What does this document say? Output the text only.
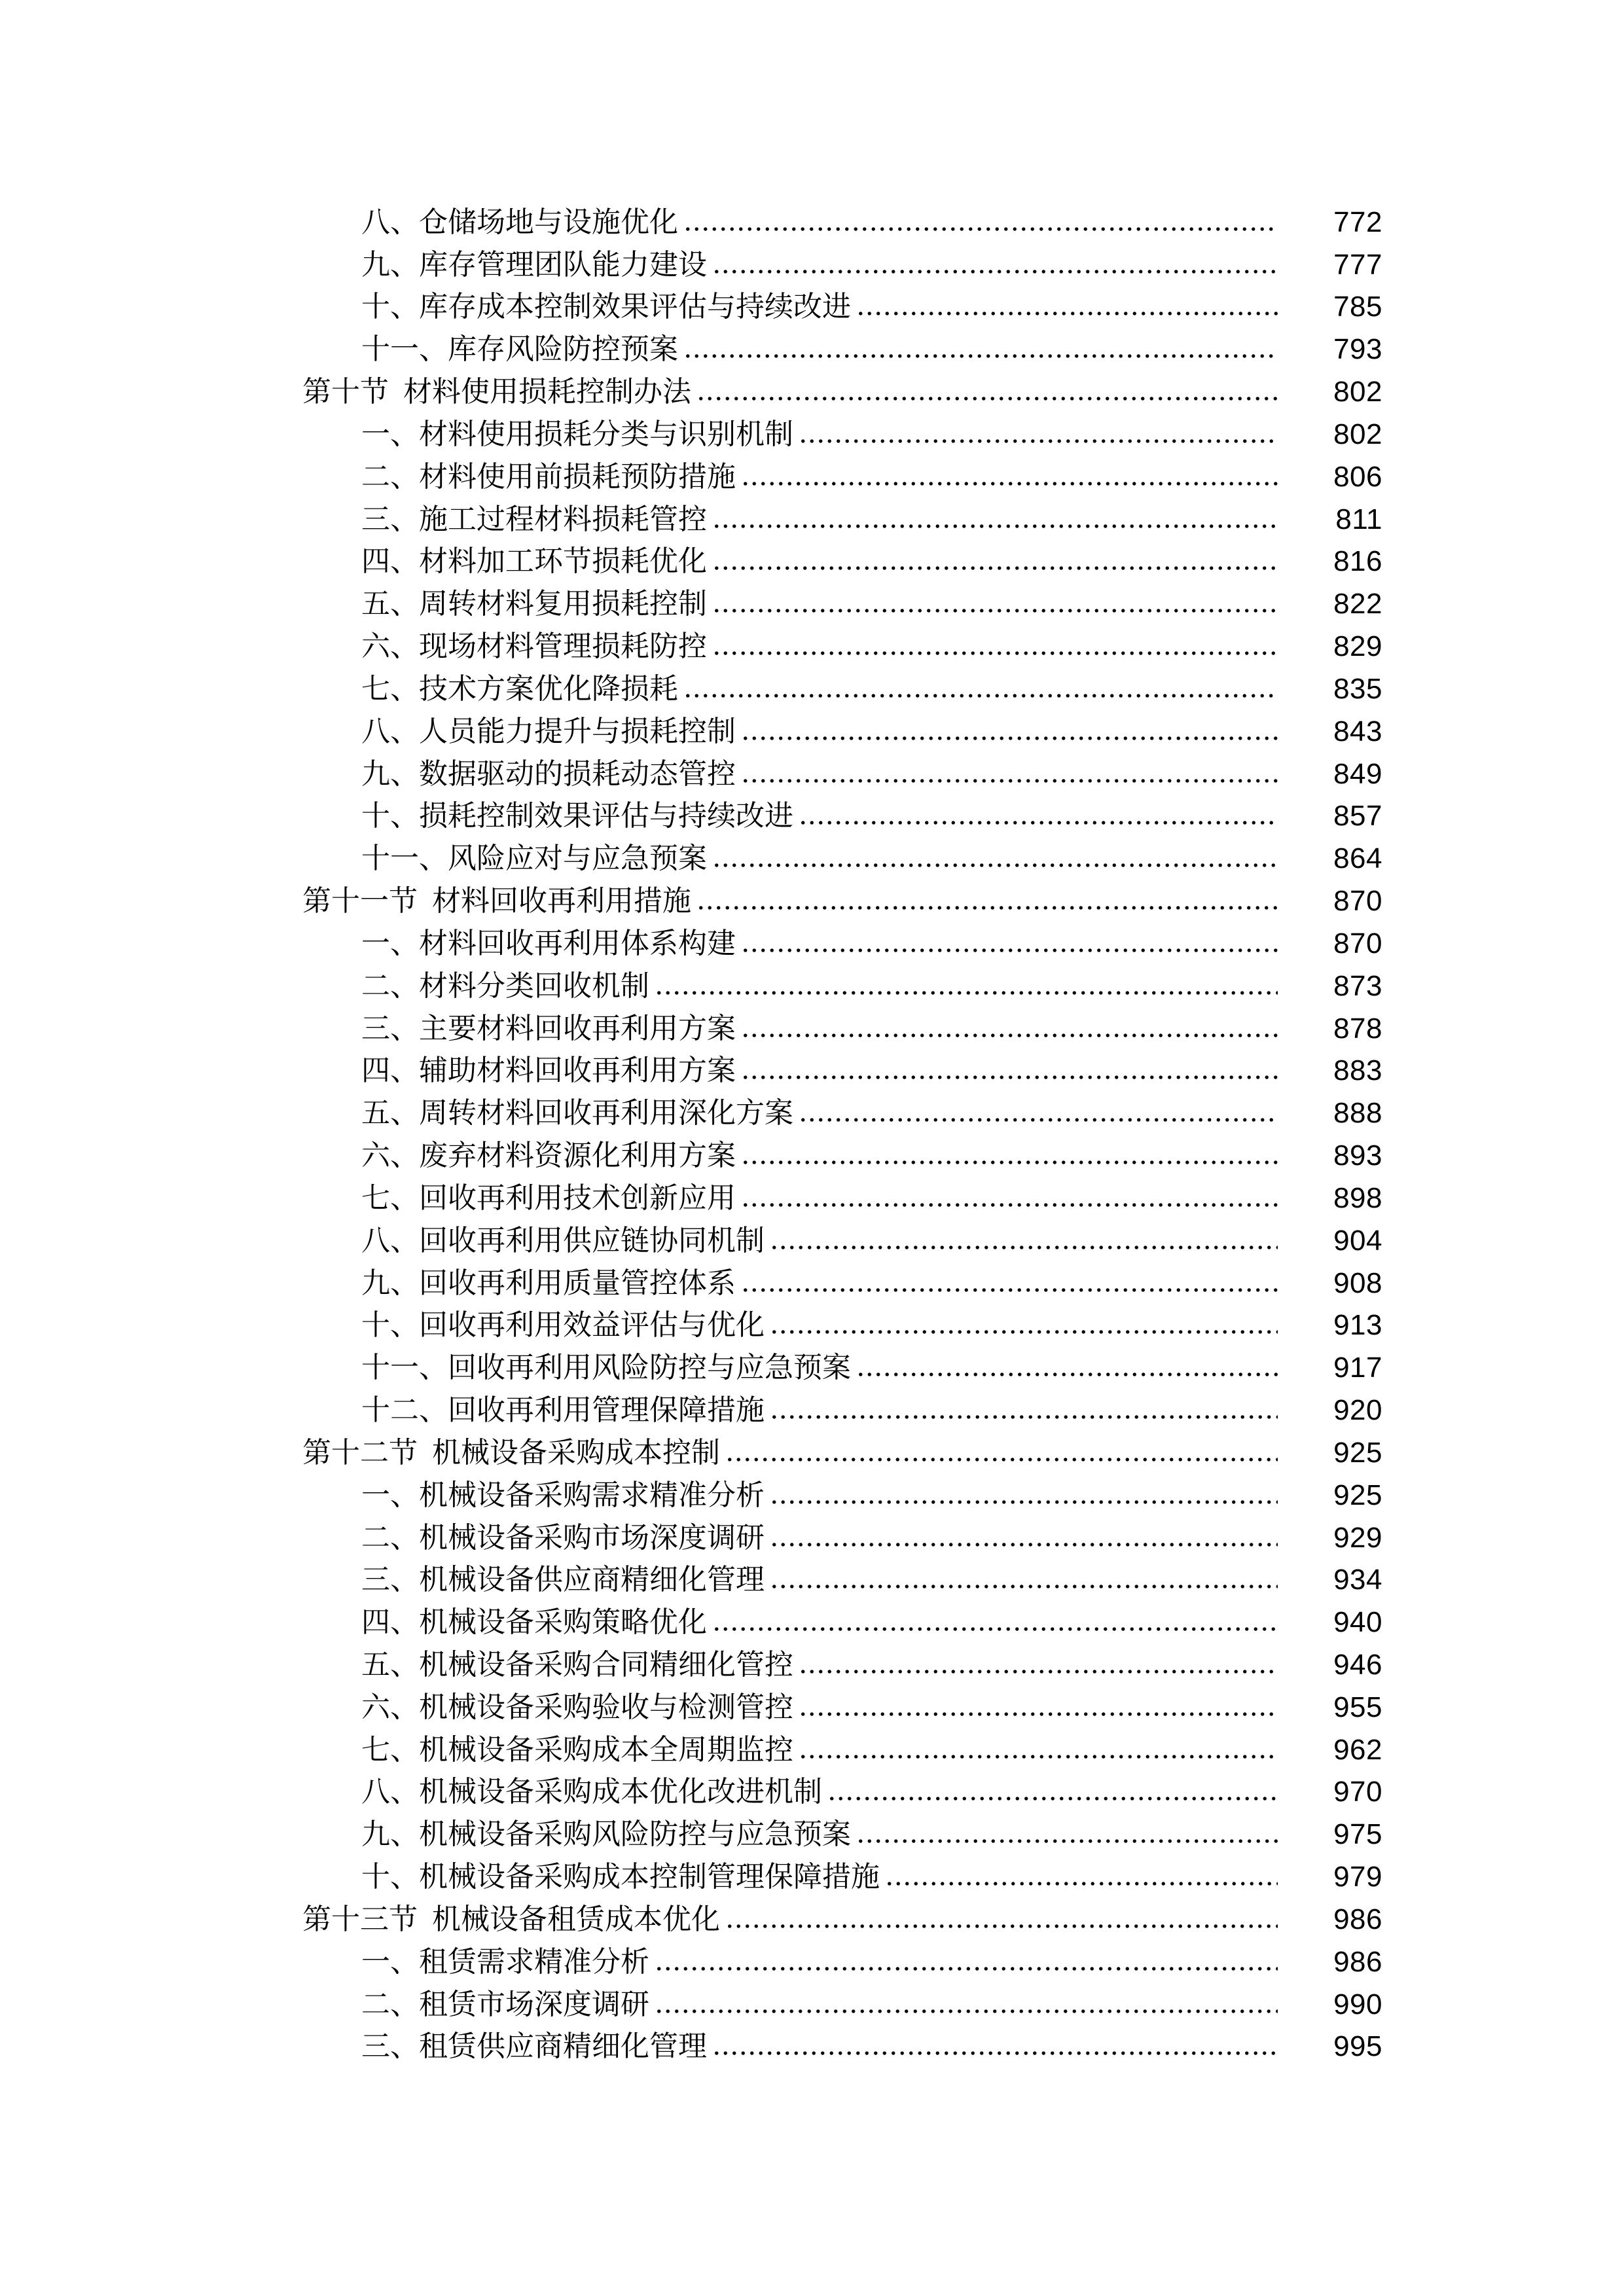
八、仓储场地与设施优化	772
九、库存管理团队能力建设	777
十、库存成本控制效果评估与持续改进	785
十一、库存风险防控预案	793
第十节 材料使用损耗控制办法	802
一、材料使用损耗分类与识别机制	802
二、材料使用前损耗预防措施	806
三、施工过程材料损耗管控	811
四、材料加工环节损耗优化	816
五、周转材料复用损耗控制	822
六、现场材料管理损耗防控	829
七、技术方案优化降损耗	835
八、人员能力提升与损耗控制	843
九、数据驱动的损耗动态管控	849
十、损耗控制效果评估与持续改进	857
十一、风险应对与应急预案	864
第十一节 材料回收再利用措施	870
一、材料回收再利用体系构建	870
二、材料分类回收机制	873
三、主要材料回收再利用方案	878
四、辅助材料回收再利用方案	883
五、周转材料回收再利用深化方案	888
六、废弃材料资源化利用方案	893
七、回收再利用技术创新应用	898
八、回收再利用供应链协同机制	904
九、回收再利用质量管控体系	908
十、回收再利用效益评估与优化	913
十一、回收再利用风险防控与应急预案	917
十二、回收再利用管理保障措施	920
第十二节 机械设备采购成本控制	925
一、机械设备采购需求精准分析	925
二、机械设备采购市场深度调研	929
三、机械设备供应商精细化管理	934
四、机械设备采购策略优化	940
五、机械设备采购合同精细化管控	946
六、机械设备采购验收与检测管控	955
七、机械设备采购成本全周期监控	962
八、机械设备采购成本优化改进机制	970
九、机械设备采购风险防控与应急预案	975
十、机械设备采购成本控制管理保障措施	979
第十三节 机械设备租赁成本优化	986
一、租赁需求精准分析	986
二、租赁市场深度调研	990
三、租赁供应商精细化管理	995
